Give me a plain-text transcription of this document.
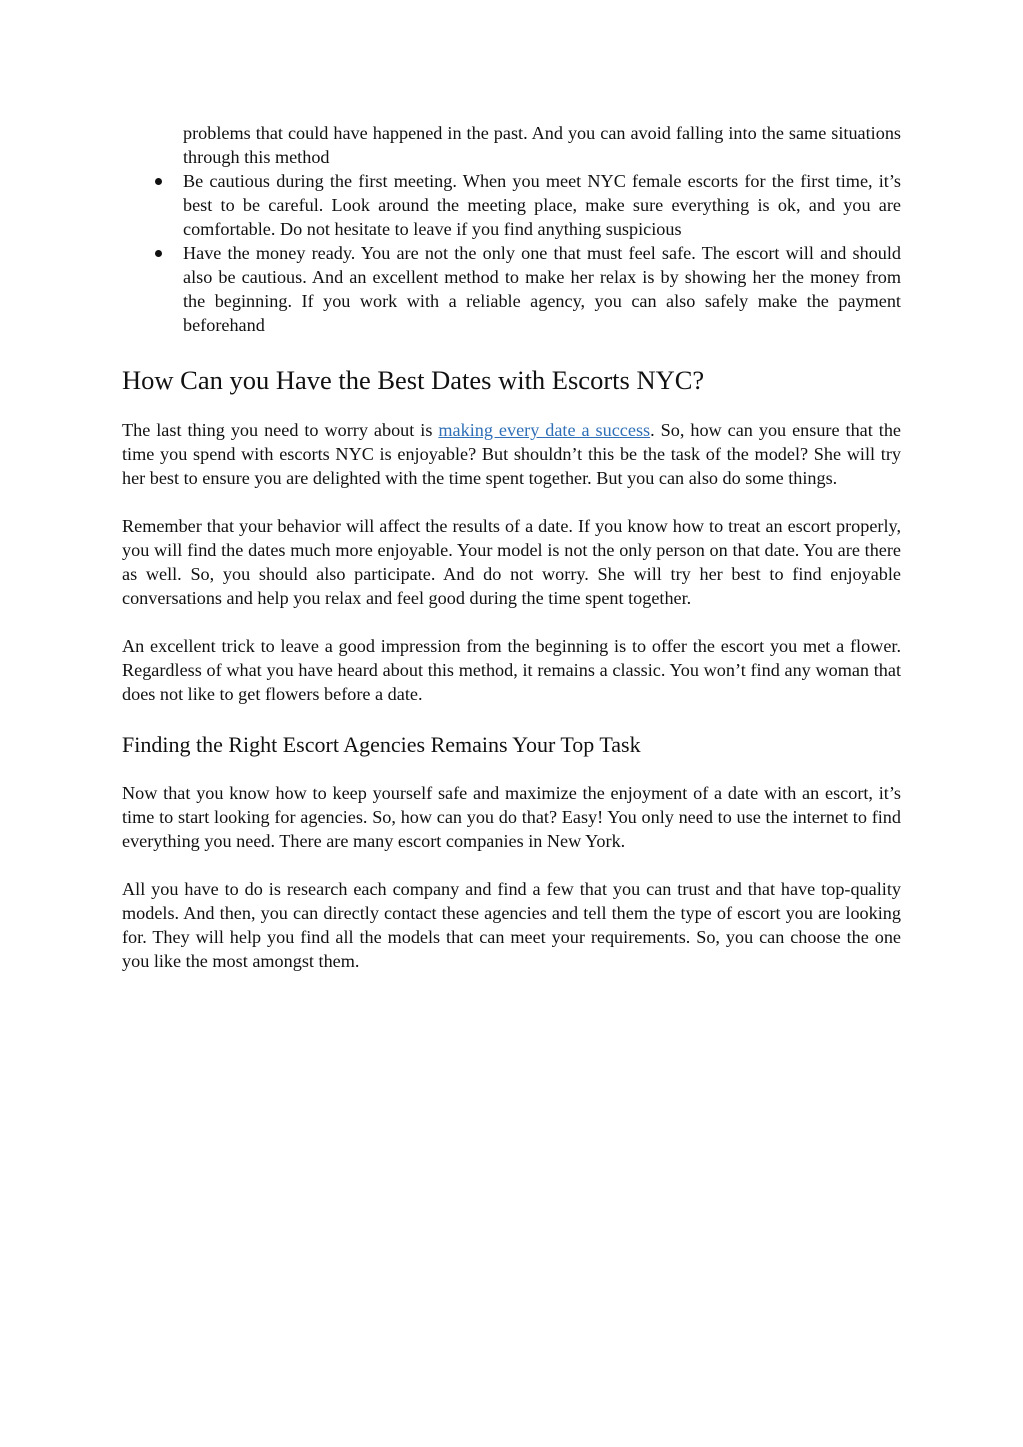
problems that could have happened in the past. And you can avoid falling into the same situations through this method
Be cautious during the first meeting. When you meet NYC female escorts for the first time, it’s best to be careful. Look around the meeting place, make sure everything is ok, and you are comfortable. Do not hesitate to leave if you find anything suspicious
Have the money ready. You are not the only one that must feel safe. The escort will and should also be cautious. And an excellent method to make her relax is by showing her the money from the beginning. If you work with a reliable agency, you can also safely make the payment beforehand
How Can you Have the Best Dates with Escorts NYC?

The last thing you need to worry about is making every date a success. So, how can you ensure that the time you spend with escorts NYC is enjoyable? But shouldn’t this be the task of the model? She will try her best to ensure you are delighted with the time spent together. But you can also do some things.

Remember that your behavior will affect the results of a date. If you know how to treat an escort properly, you will find the dates much more enjoyable. Your model is not the only person on that date. You are there as well. So, you should also participate. And do not worry. She will try her best to find enjoyable conversations and help you relax and feel good during the time spent together.

An excellent trick to leave a good impression from the beginning is to offer the escort you met a flower. Regardless of what you have heard about this method, it remains a classic. You won’t find any woman that does not like to get flowers before a date.

Finding the Right Escort Agencies Remains Your Top Task

Now that you know how to keep yourself safe and maximize the enjoyment of a date with an escort, it’s time to start looking for agencies. So, how can you do that? Easy! You only need to use the internet to find everything you need. There are many escort companies in New York.

All you have to do is research each company and find a few that you can trust and that have top-quality models. And then, you can directly contact these agencies and tell them the type of escort you are looking for. They will help you find all the models that can meet your requirements. So, you can choose the one you like the most amongst them.
